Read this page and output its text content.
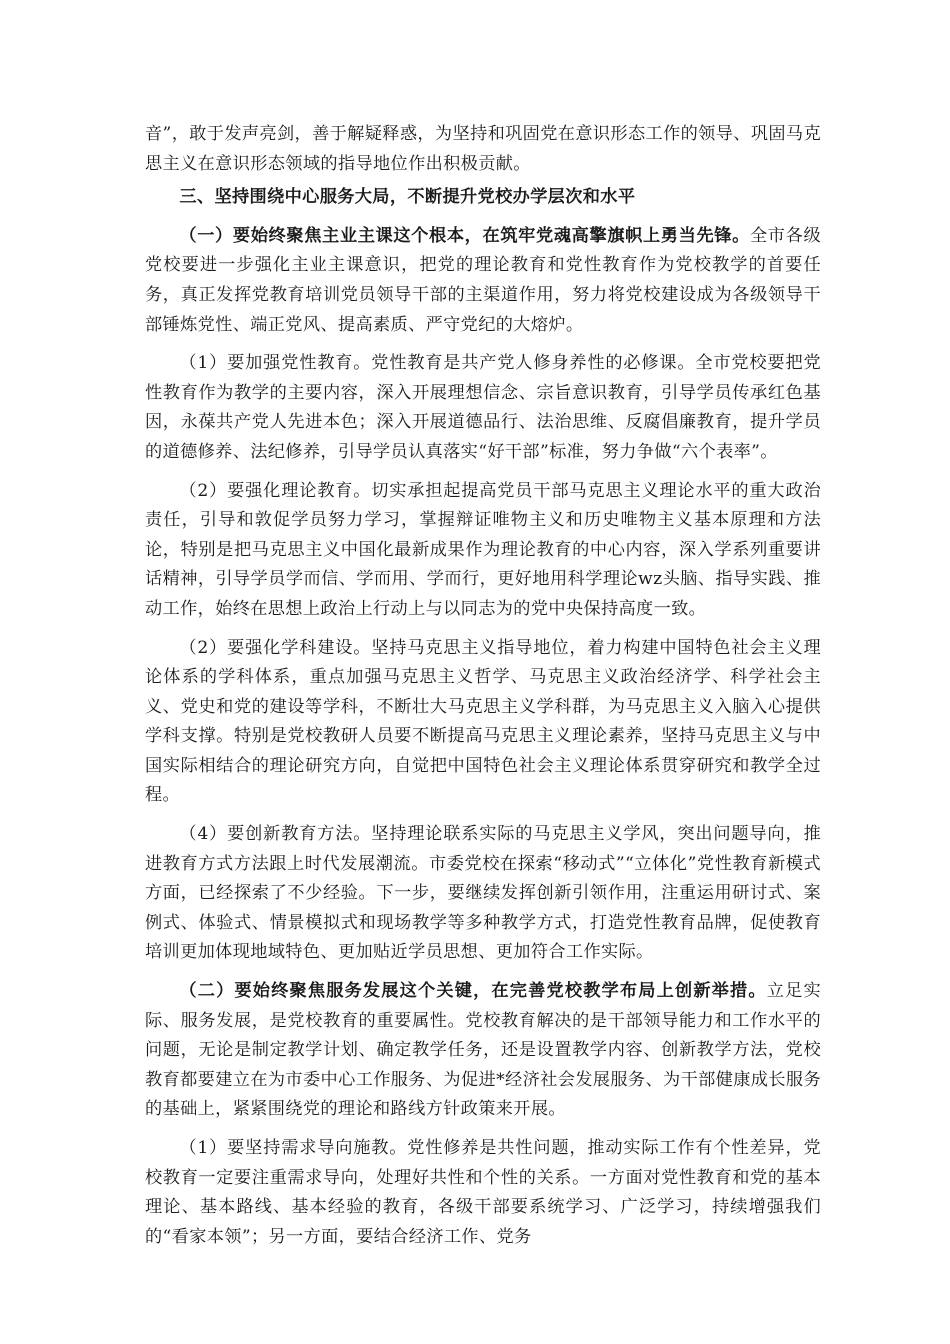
音”，敢于发声亮剑，善于解疑释惑，为坚持和巩固党在意识形态工作的领导、巩固马克思主义在意识形态领域的指导地位作出积极贡献。

三、坚持围绕中心服务大局，不断提升党校办学层次和水平

（一）要始终聚焦主业主课这个根本，在筑牢党魂高擎旗帜上勇当先锋。全市各级党校要进一步强化主业主课意识，把党的理论教育和党性教育作为党校教学的首要任务，真正发挥党教育培训党员领导干部的主渠道作用，努力将党校建设成为各级领导干部锤炼党性、端正党风、提高素质、严守党纪的大熔炉。

（1）要加强党性教育。党性教育是共产党人修身养性的必修课。全市党校要把党性教育作为教学的主要内容，深入开展理想信念、宗旨意识教育，引导学员传承红色基因，永葆共产党人先进本色；深入开展道德品行、法治思维、反腐倡廉教育，提升学员的道德修养、法纪修养，引导学员认真落实“好干部”标准，努力争做“六个表率”。

（2）要强化理论教育。切实承担起提高党员干部马克思主义理论水平的重大政治责任，引导和敦促学员努力学习，掌握辩证唯物主义和历史唯物主义基本原理和方法论，特别是把马克思主义中国化最新成果作为理论教育的中心内容，深入学系列重要讲话精神，引导学员学而信、学而用、学而行，更好地用科学理论wz头脑、指导实践、推动工作，始终在思想上政治上行动上与以同志为的党中央保持高度一致。

（2）要强化学科建设。坚持马克思主义指导地位，着力构建中国特色社会主义理论体系的学科体系，重点加强马克思主义哲学、马克思主义政治经济学、科学社会主义、党史和党的建设等学科，不断壮大马克思主义学科群，为马克思主义入脑入心提供学科支撑。特别是党校教研人员要不断提高马克思主义理论素养，坚持马克思主义与中国实际相结合的理论研究方向，自觉把中国特色社会主义理论体系贯穿研究和教学全过程。

（4）要创新教育方法。坚持理论联系实际的马克思主义学风，突出问题导向，推进教育方式方法跟上时代发展潮流。市委党校在探索“移动式”“立体化”党性教育新模式方面，已经探索了不少经验。下一步，要继续发挥创新引领作用，注重运用研讨式、案例式、体验式、情景模拟式和现场教学等多种教学方式，打造党性教育品牌，促使教育培训更加体现地域特色、更加贴近学员思想、更加符合工作实际。

（二）要始终聚焦服务发展这个关键，在完善党校教学布局上创新举措。立足实际、服务发展，是党校教育的重要属性。党校教育解决的是干部领导能力和工作水平的问题，无论是制定教学计划、确定教学任务，还是设置教学内容、创新教学方法，党校教育都要建立在为市委中心工作服务、为促进*经济社会发展服务、为干部健康成长服务的基础上，紧紧围绕党的理论和路线方针政策来开展。

（1）要坚持需求导向施教。党性修养是共性问题，推动实际工作有个性差异，党校教育一定要注重需求导向，处理好共性和个性的关系。一方面对党性教育和党的基本理论、基本路线、基本经验的教育，各级干部要系统学习、广泛学习，持续增强我们的“看家本领”；另一方面，要结合经济工作、党务
